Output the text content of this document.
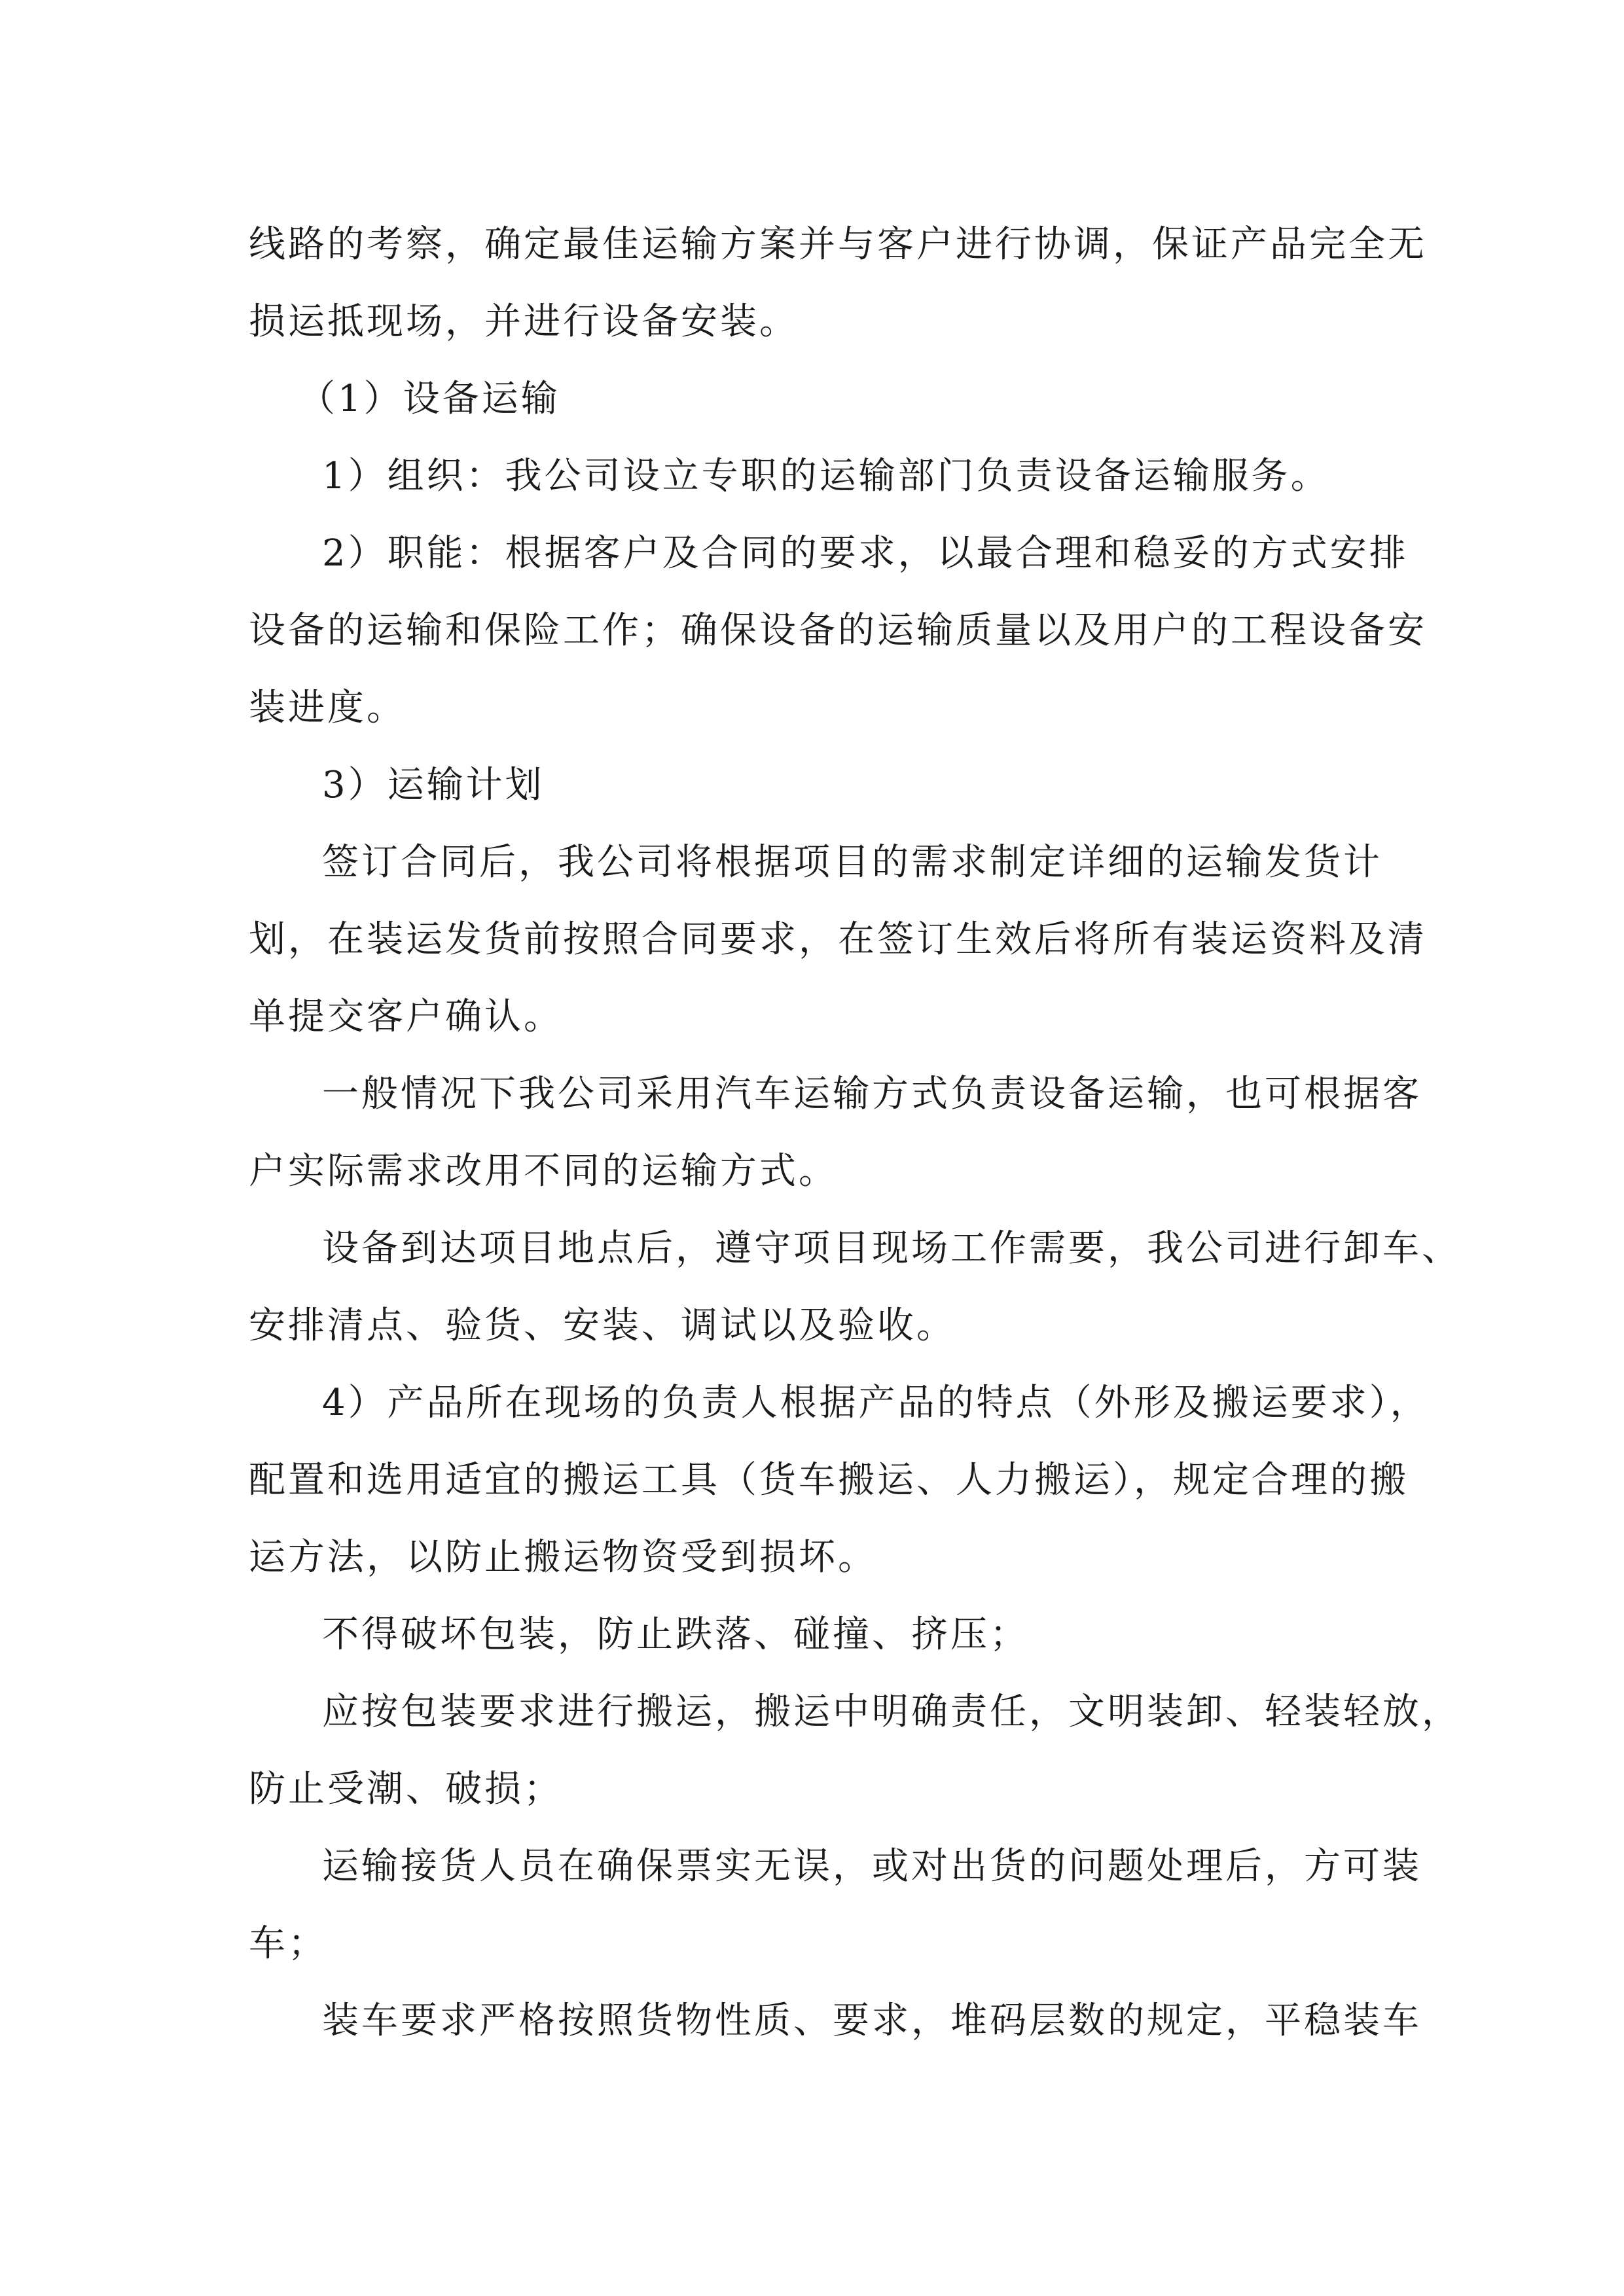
线路的考察，确定最佳运输方案并与客户进行协调，保证产品完全无
损运抵现场，并进行设备安装。
（1）设备运输
1）组织：我公司设立专职的运输部门负责设备运输服务。
2）职能：根据客户及合同的要求，以最合理和稳妥的方式安排
设备的运输和保险工作；确保设备的运输质量以及用户的工程设备安
装进度。
3）运输计划
签订合同后，我公司将根据项目的需求制定详细的运输发货计
划，在装运发货前按照合同要求，在签订生效后将所有装运资料及清
单提交客户确认。
一般情况下我公司采用汽车运输方式负责设备运输，也可根据客
户实际需求改用不同的运输方式。
设备到达项目地点后，遵守项目现场工作需要，我公司进行卸车、
安排清点、验货、安装、调试以及验收。
4）产品所在现场的负责人根据产品的特点（外形及搬运要求），
配置和选用适宜的搬运工具（货车搬运、人力搬运），规定合理的搬
运方法，以防止搬运物资受到损坏。
不得破坏包装，防止跌落、碰撞、挤压；
应按包装要求进行搬运，搬运中明确责任，文明装卸、轻装轻放，
防止受潮、破损；
运输接货人员在确保票实无误，或对出货的问题处理后，方可装
车；
装车要求严格按照货物性质、要求，堆码层数的规定，平稳装车
